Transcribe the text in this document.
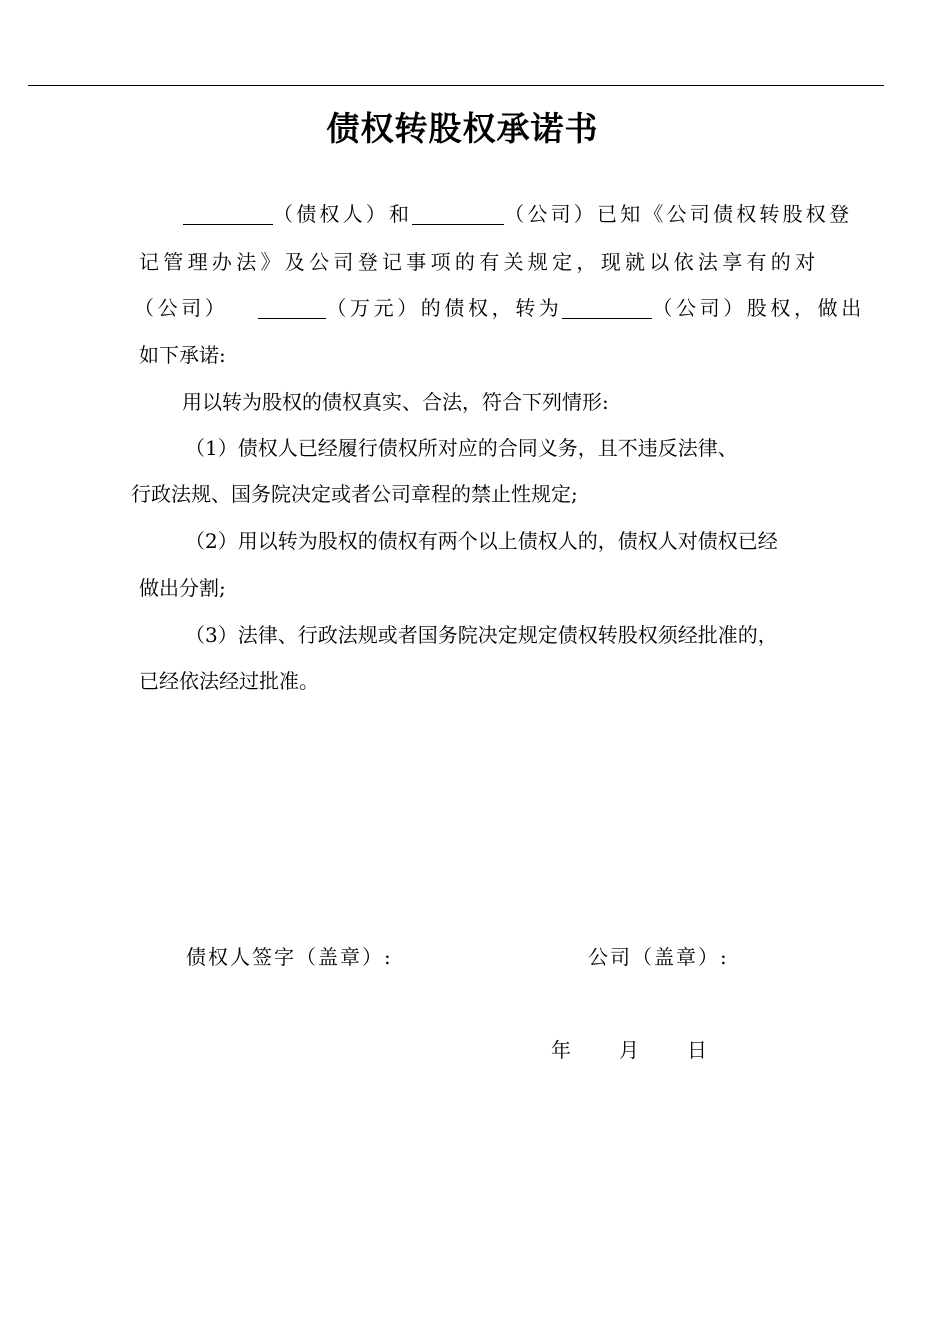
债权转股权承诺书
（债权人）和	（公司）已知《公司债权转股权登
记管理办法》及公司登记事项的有关规定，现就以依法享有的对
（公司）	（万元）的债权，转为	（公司）股权，做出
如下承诺:
用以转为股权的债权真实、合法，符合下列情形:
（1）债权人已经履行债权所对应的合同义务，且不违反法律、
行政法规、国务院决定或者公司章程的禁止性规定;
（2）用以转为股权的债权有两个以上债权人的，债权人对债权已经
做出分割;
（3）法律、行政法规或者国务院决定规定债权转股权须经批准的，
已经依法经过批准。
债权人签字（盖章）:	公司（盖章）:
年 月 日
